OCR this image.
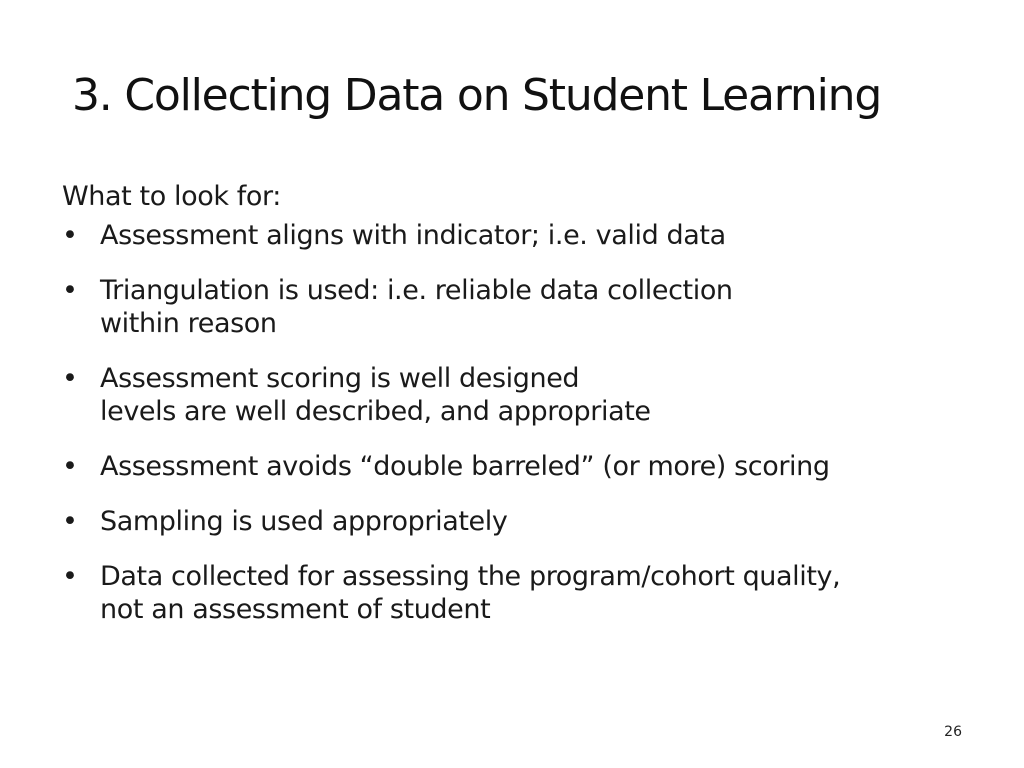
3. Collecting Data on Student Learning

What to look for:

• Assessment aligns with indicator; i.e. valid data
• Triangulation is used: i.e. reliable data collection
within reason
• Assessment scoring is well designed
levels are well described, and appropriate
• Assessment avoids “double barreled” (or more) scoring
• Sampling is used appropriately
• Data collected for assessing the program/cohort quality,
not an assessment of student
26
